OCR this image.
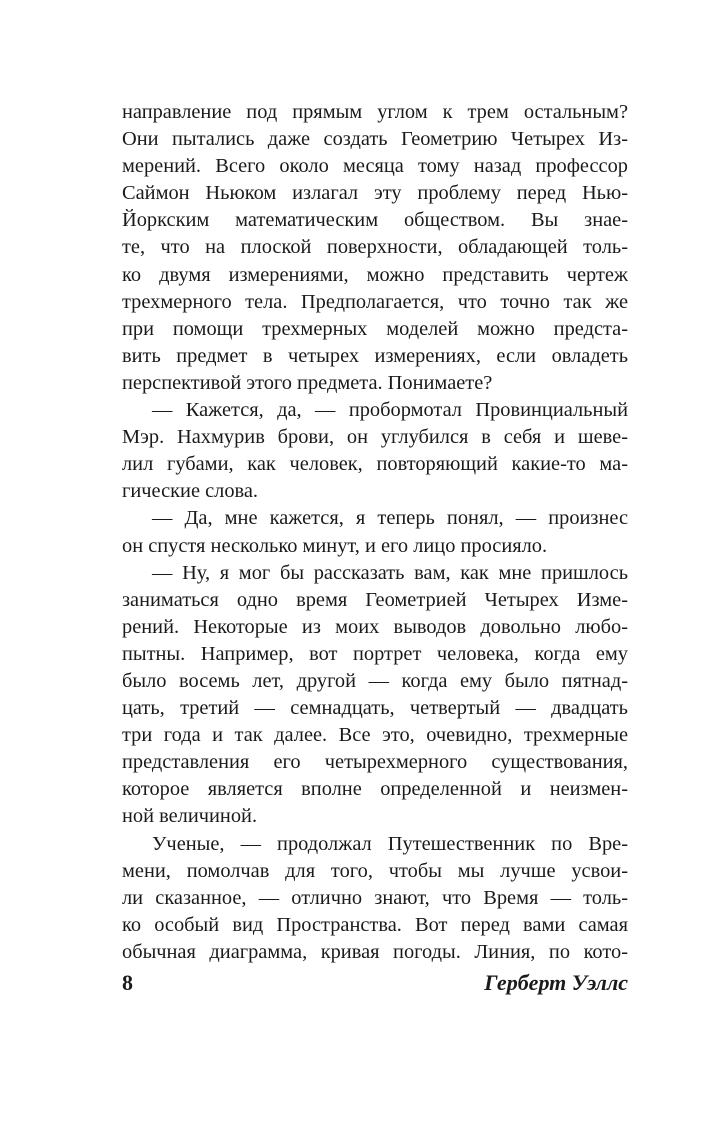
направление под прямым углом к трем остальным?
Они пытались даже создать Геометрию Четырех Из-
мерений. Всего около месяца тому назад профессор
Саймон Ньюком излагал эту проблему перед Нью-
Йоркским математическим обществом. Вы знае-
те, что на плоской поверхности, обладающей толь-
ко двумя измерениями, можно представить чертеж
трехмерного тела. Предполагается, что точно так же
при помощи трехмерных моделей можно предста-
вить предмет в четырех измерениях, если овладеть
перспективой этого предмета. Понимаете?
— Кажется, да, — пробормотал Провинциальный
Мэр. Нахмурив брови, он углубился в себя и шеве-
лил губами, как человек, повторяющий какие-то ма-
гические слова.
— Да, мне кажется, я теперь понял, — произнес
он спустя несколько минут, и его лицо просияло.
— Ну, я мог бы рассказать вам, как мне пришлось
заниматься одно время Геометрией Четырех Изме-
рений. Некоторые из моих выводов довольно любо-
пытны. Например, вот портрет человека, когда ему
было восемь лет, другой — когда ему было пятнад-
цать, третий — семнадцать, четвертый — двадцать
три года и так далее. Все это, очевидно, трехмерные
представления его четырехмерного существования,
которое является вполне определенной и неизмен-
ной величиной.
Ученые, — продолжал Путешественник по Вре-
мени, помолчав для того, чтобы мы лучше усвои-
ли сказанное, — отлично знают, что Время — толь-
ко особый вид Пространства. Вот перед вами самая
обычная диаграмма, кривая погоды. Линия, по кото-
8	Герберт Уэллс
